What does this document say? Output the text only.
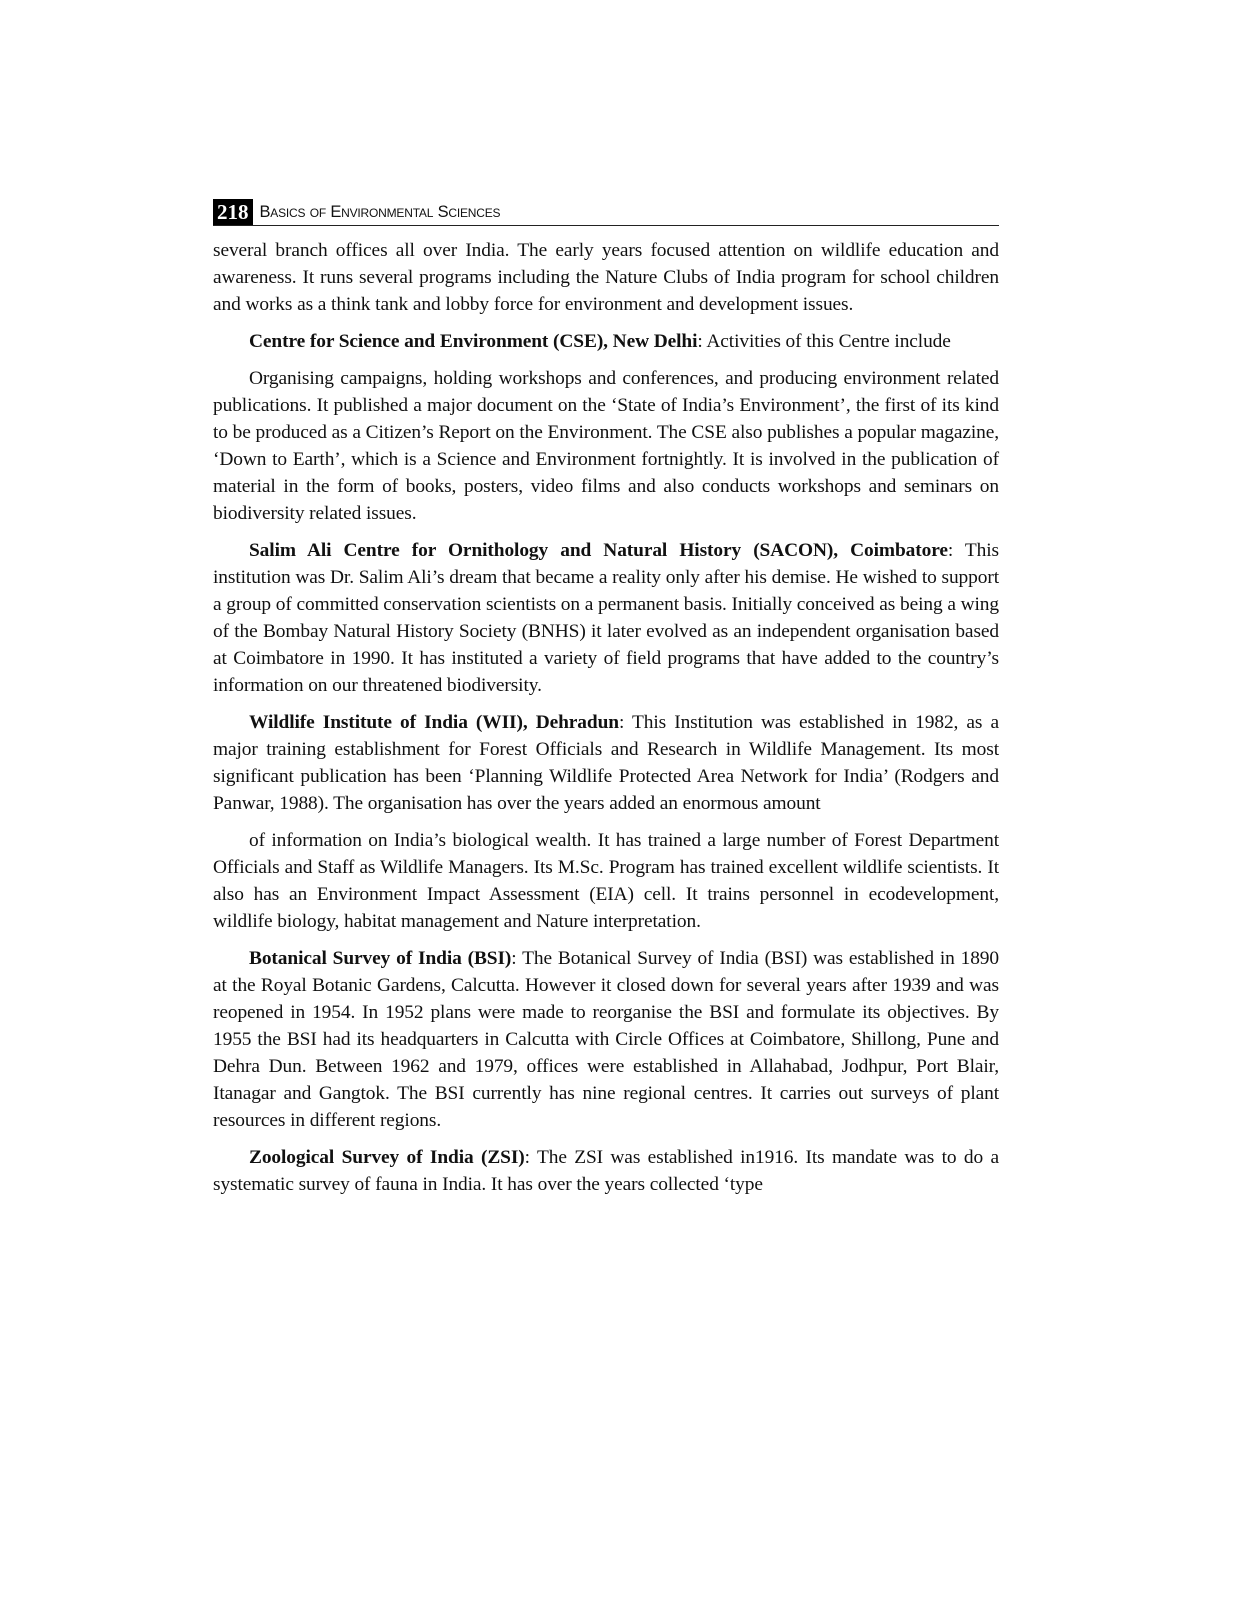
218 Basics of Environmental Sciences

several branch offices all over India. The early years focused attention on wildlife education and awareness. It runs several programs including the Nature Clubs of India program for school children and works as a think tank and lobby force for environment and development issues.

Centre for Science and Environment (CSE), New Delhi: Activities of this Centre include

Organising campaigns, holding workshops and conferences, and producing environment related publications. It published a major document on the ‘State of India’s Environment’, the first of its kind to be produced as a Citizen’s Report on the Environment. The CSE also publishes a popular magazine, ‘Down to Earth’, which is a Science and Environment fortnightly. It is involved in the publication of material in the form of books, posters, video films and also conducts workshops and seminars on biodiversity related issues.

Salim Ali Centre for Ornithology and Natural History (SACON), Coimbatore: This institution was Dr. Salim Ali’s dream that became a reality only after his demise. He wished to support a group of committed conservation scientists on a permanent basis. Initially conceived as being a wing of the Bombay Natural History Society (BNHS) it later evolved as an independent organisation based at Coimbatore in 1990. It has instituted a variety of field programs that have added to the country’s information on our threatened biodiversity.

Wildlife Institute of India (WII), Dehradun: This Institution was established in 1982, as a major training establishment for Forest Officials and Research in Wildlife Management. Its most significant publication has been ‘Planning Wildlife Protected Area Network for India’ (Rodgers and Panwar, 1988). The organisation has over the years added an enormous amount

of information on India’s biological wealth. It has trained a large number of Forest Department Officials and Staff as Wildlife Managers. Its M.Sc. Program has trained excellent wildlife scientists. It also has an Environment Impact Assessment (EIA) cell. It trains personnel in ecodevelopment, wildlife biology, habitat management and Nature interpretation.

Botanical Survey of India (BSI): The Botanical Survey of India (BSI) was established in 1890 at the Royal Botanic Gardens, Calcutta. However it closed down for several years after 1939 and was reopened in 1954. In 1952 plans were made to reorganise the BSI and formulate its objectives. By 1955 the BSI had its headquarters in Calcutta with Circle Offices at Coimbatore, Shillong, Pune and Dehra Dun. Between 1962 and 1979, offices were established in Allahabad, Jodhpur, Port Blair, Itanagar and Gangtok. The BSI currently has nine regional centres. It carries out surveys of plant resources in different regions.

Zoological Survey of India (ZSI): The ZSI was established in1916. Its mandate was to do a systematic survey of fauna in India. It has over the years collected ‘type
